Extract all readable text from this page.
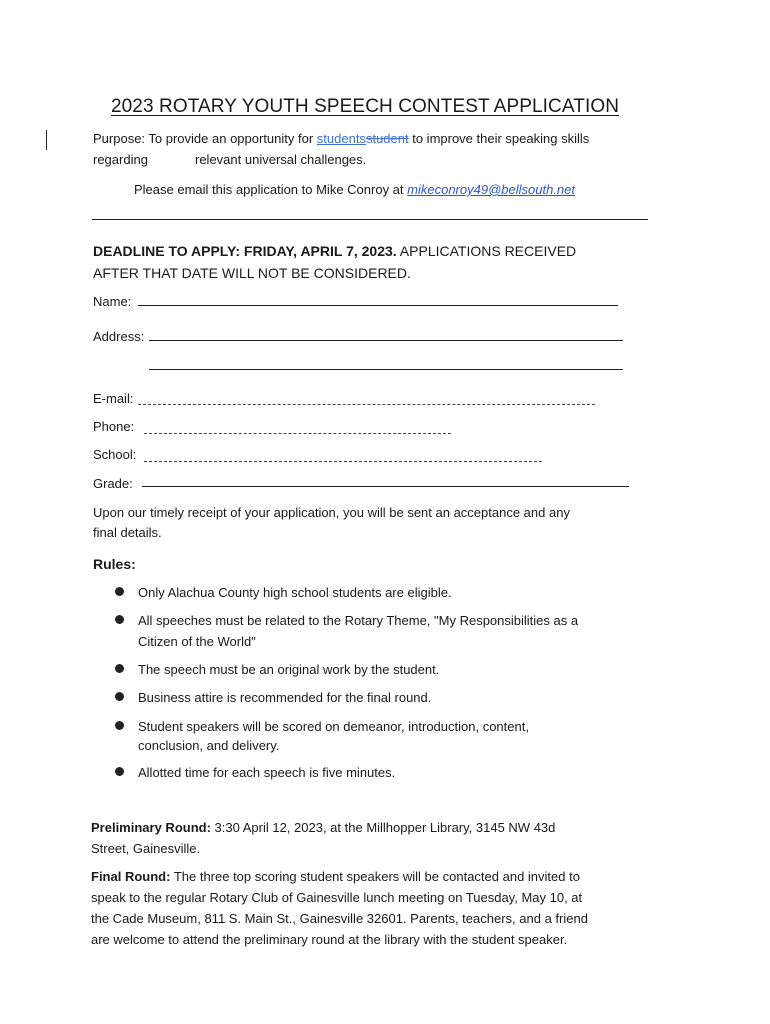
2023 ROTARY YOUTH SPEECH CONTEST APPLICATION
Purpose: To provide an opportunity for studentsstudent to improve their speaking skills
regarding	relevant universal challenges.
Please email this application to Mike Conroy at mikeconroy49@bellsouth.net
DEADLINE TO APPLY: FRIDAY, APRIL 7, 2023. APPLICATIONS RECEIVED
AFTER THAT DATE WILL NOT BE CONSIDERED.
Name:
Address:
E-mail:
Phone:
School:
Grade:
Upon our timely receipt of your application, you will be sent an acceptance and any
final details.
Rules:
Only Alachua County high school students are eligible.
All speeches must be related to the Rotary Theme, "My Responsibilities as a
Citizen of the World"
The speech must be an original work by the student.
Business attire is recommended for the final round.
Student speakers will be scored on demeanor, introduction, content,
conclusion, and delivery.
Allotted time for each speech is five minutes.
Preliminary Round: 3:30 April 12, 2023, at the Millhopper Library, 3145 NW 43d
Street, Gainesville.
Final Round: The three top scoring student speakers will be contacted and invited to
speak to the regular Rotary Club of Gainesville lunch meeting on Tuesday, May 10, at
the Cade Museum, 811 S. Main St., Gainesville 32601. Parents, teachers, and a friend
are welcome to attend the preliminary round at the library with the student speaker.
